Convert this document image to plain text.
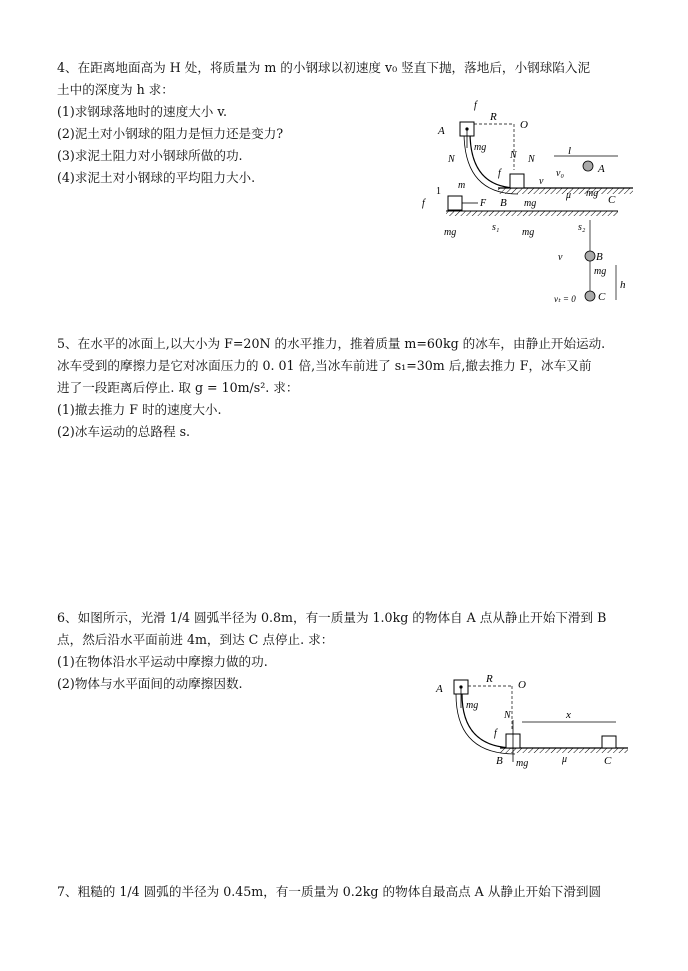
4、在距离地面高为 H 处，将质量为 m 的小钢球以初速度 v₀ 竖直下抛，落地后，小钢球陷入泥
土中的深度为 h 求：
(1)求钢球落地时的速度大小 v.
(2)泥土对小钢球的阻力是恒力还是变力?
(3)求泥土阻力对小钢球所做的功.
(4)求泥土对小钢球的平均阻力大小.
A
f
mg
N
R
O
N N
f
v
B mg
l
v₀	A
μ mg
C
1
m
f	F
mg	s₁ mg	s₂
B
mg
v
h
vₜ = 0 C
5、在水平的冰面上,以大小为 F=20N 的水平推力，推着质量 m=60kg 的冰车，由静止开始运动.
冰车受到的摩擦力是它对冰面压力的 0. 01 倍,当冰车前进了 s₁=30m 后,撤去推力 F，冰车又前
进了一段距离后停止. 取 g = 10m/s². 求：
(1)撤去推力 F 时的速度大小.
(2)冰车运动的总路程 s.
6、如图所示，光滑 1/4 圆弧半径为 0.8m，有一质量为 1.0kg 的物体自 A 点从静止开始下滑到 B
点，然后沿水平面前进 4m，到达 C 点停止. 求：
(1)在物体沿水平运动中摩擦力做的功.
(2)物体与水平面间的动摩擦因数.	A
mg
R O
N
f
B mg
x
μ	C
7、粗糙的 1/4 圆弧的半径为 0.45m，有一质量为 0.2kg 的物体自最高点 A 从静止开始下滑到圆
